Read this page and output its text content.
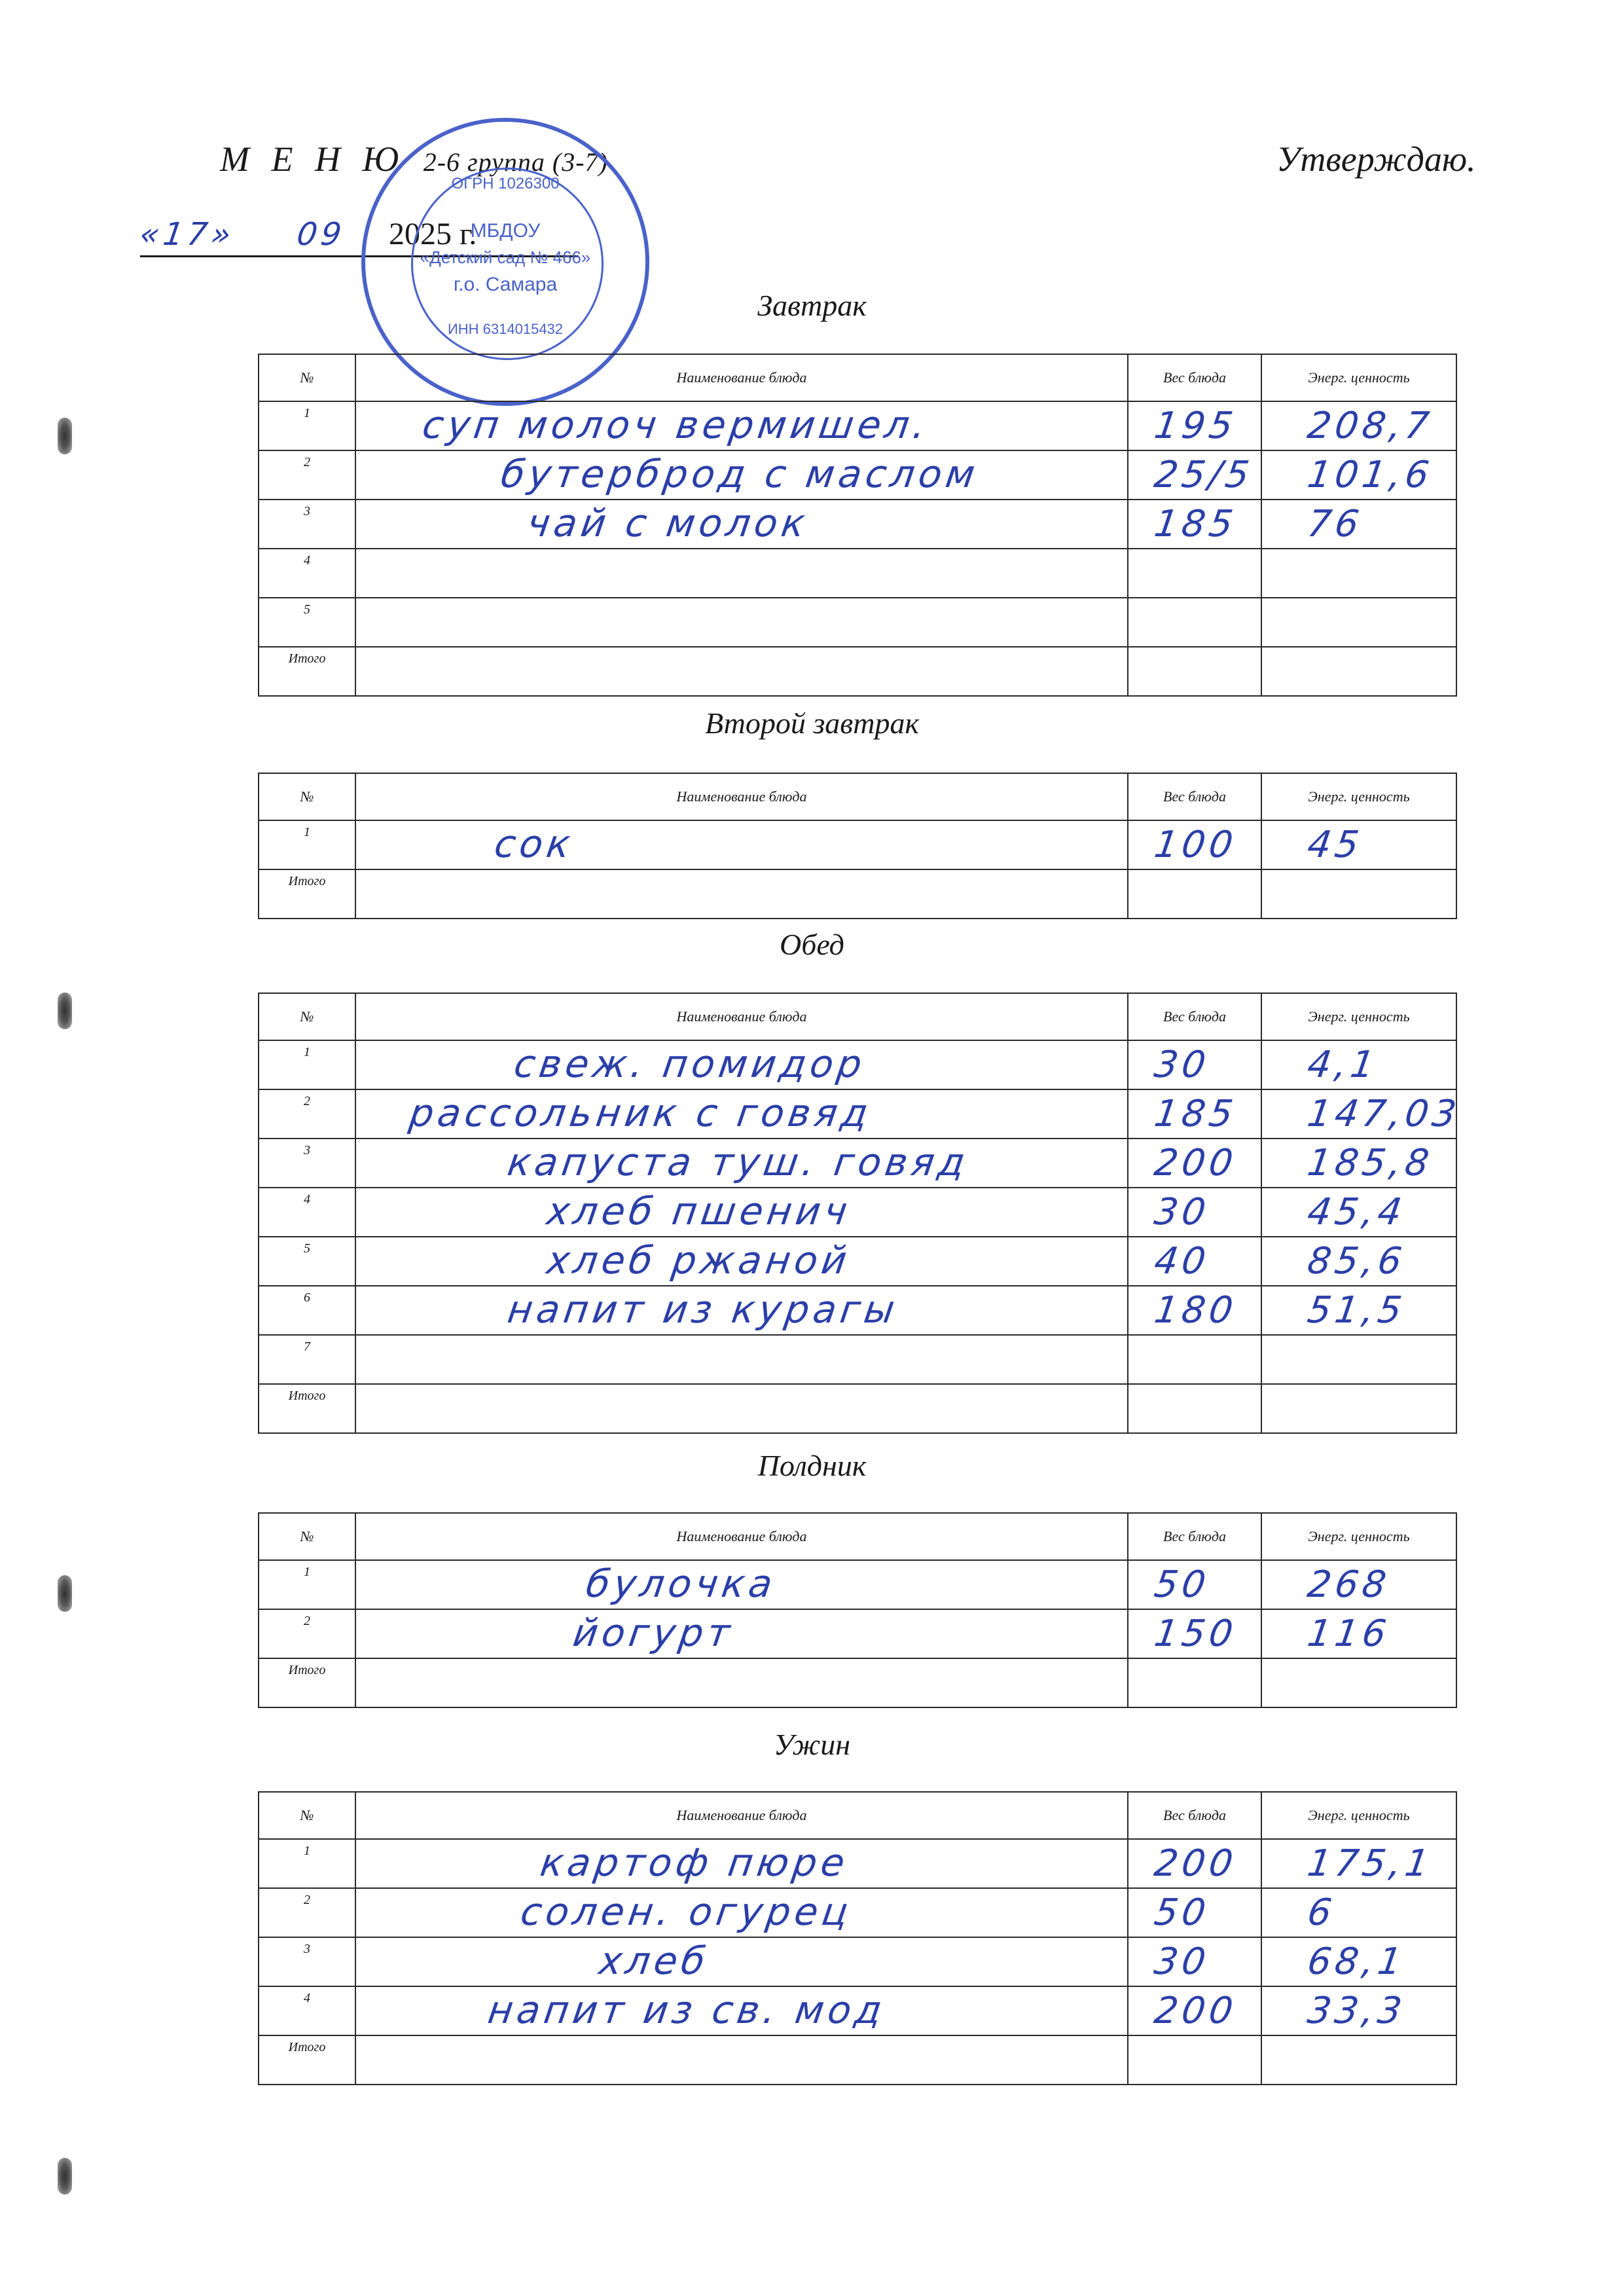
М Е Н Ю 2-6 группа (3-7)	Утверждаю.
«17» 09 2025 г.
ОГРН 1026300
МБДОУ
«Детский сад № 466»
г.о. Самара
ИНН 6314015432
Завтрак
№	Наименование блюда	Вес блюда	Энерг. ценность

1	суп молоч вермишел.	195	208,7

2	бутерброд с маслом	25/5	101,6

3	чай с молок	185	76

4			

5			

Итого			

Второй завтрак
№	Наименование блюда	Вес блюда	Энерг. ценность

1	сок	100	45

Итого			

Обед
№	Наименование блюда	Вес блюда	Энерг. ценность

1	свеж. помидор	30	4,1

2	рассольник с говяд	185	147,03

3	капуста туш. говяд	200	185,8

4	хлеб пшенич	30	45,4

5	хлеб ржаной	40	85,6

6	напит из курагы	180	51,5

7			

Итого			

Полдник
№	Наименование блюда	Вес блюда	Энерг. ценность

1	булочка	50	268

2	йогурт	150	116

Итого			

Ужин
№	Наименование блюда	Вес блюда	Энерг. ценность

1	картоф пюре	200	175,1

2	солен. огурец	50	6

3	хлеб	30	68,1

4	напит из св. мод	200	33,3

Итого			
